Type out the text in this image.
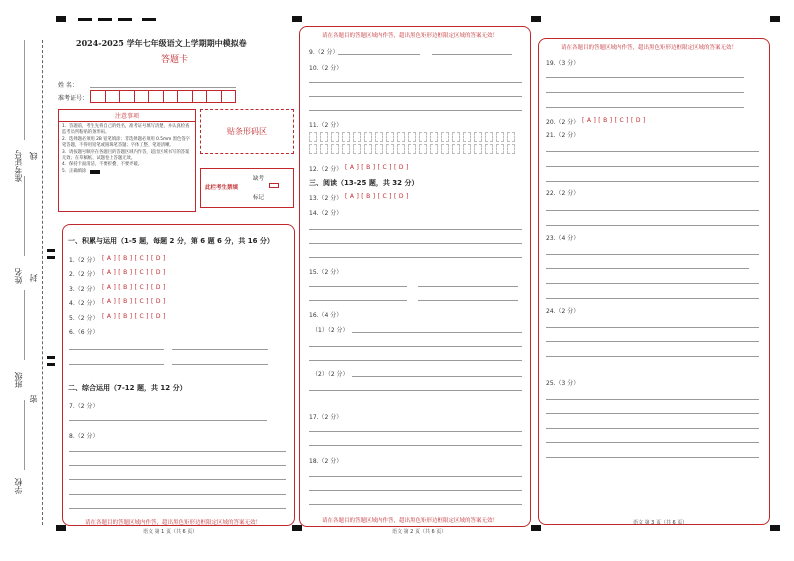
准考证号 线
姓名 封
班级
密
学校
2024-2025 学年七年级语文上学期期中模拟卷
答题卡
姓 名：
准考证号：
注意事项
1．答题前，考生先将自己的姓名，准考证号填写清楚，并认真检查监考员所粘贴的条形码。
2．选择题必须用 2B 铅笔填涂；非选择题必须用 0.5mm 黑色签字笔答题，不得用铅笔或圆珠笔答题；字体工整、笔迹清晰。
3．请按题号顺序在各题目的答题区域内作答，超出区域书写的答案无效；在草稿纸、试题卷上答题无效。
4．保持卡面清洁，不要折叠、不要弄破。
5．正确填涂
贴条形码区
此栏考生禁填
缺考
标记
一、积累与运用（1-5 题，每题 2 分，第 6 题 6 分，共 16 分）
1.（2 分） [ A ] [ B ] [ C ] [ D ]
2.（2 分） [ A ] [ B ] [ C ] [ D ]
3.（2 分） [ A ] [ B ] [ C ] [ D ]
4.（2 分） [ A ] [ B ] [ C ] [ D ]
5.（2 分） [ A ] [ B ] [ C ] [ D ]
6.（6 分）
二、综合运用（7-12 题，共 12 分）
7.（2 分）
8.（2 分）
请在各题目的答题区域内作答，超出黑色矩形边框限定区域的答案无效！
语文 第 1 页（共 6 页）
请在各题目的答题区域内作答，超出黑色矩形边框限定区域的答案无效！
9.（2 分）
10.（2 分）
11.（2 分）
12.（2 分） [ A ] [ B ] [ C ] [ D ]
三、阅读（13-25 题，共 32 分）
13.（2 分） [ A ] [ B ] [ C ] [ D ]
14.（2 分）
15.（2 分）
16.（4 分）
（1）（2 分）
（2）（2 分）
17.（2 分）
18.（2 分）
请在各题目的答题区域内作答，超出黑色矩形边框限定区域的答案无效！
语文 第 2 页（共 6 页）
请在各题目的答题区域内作答，超出黑色矩形边框限定区域的答案无效！
19.（3 分）
20.（2 分） [ A ] [ B ] [ C ] [ D ]
21.（2 分）
22.（2 分）
23.（4 分）
24.（2 分）
25.（3 分）
语文 第 3 页（共 6 页）
